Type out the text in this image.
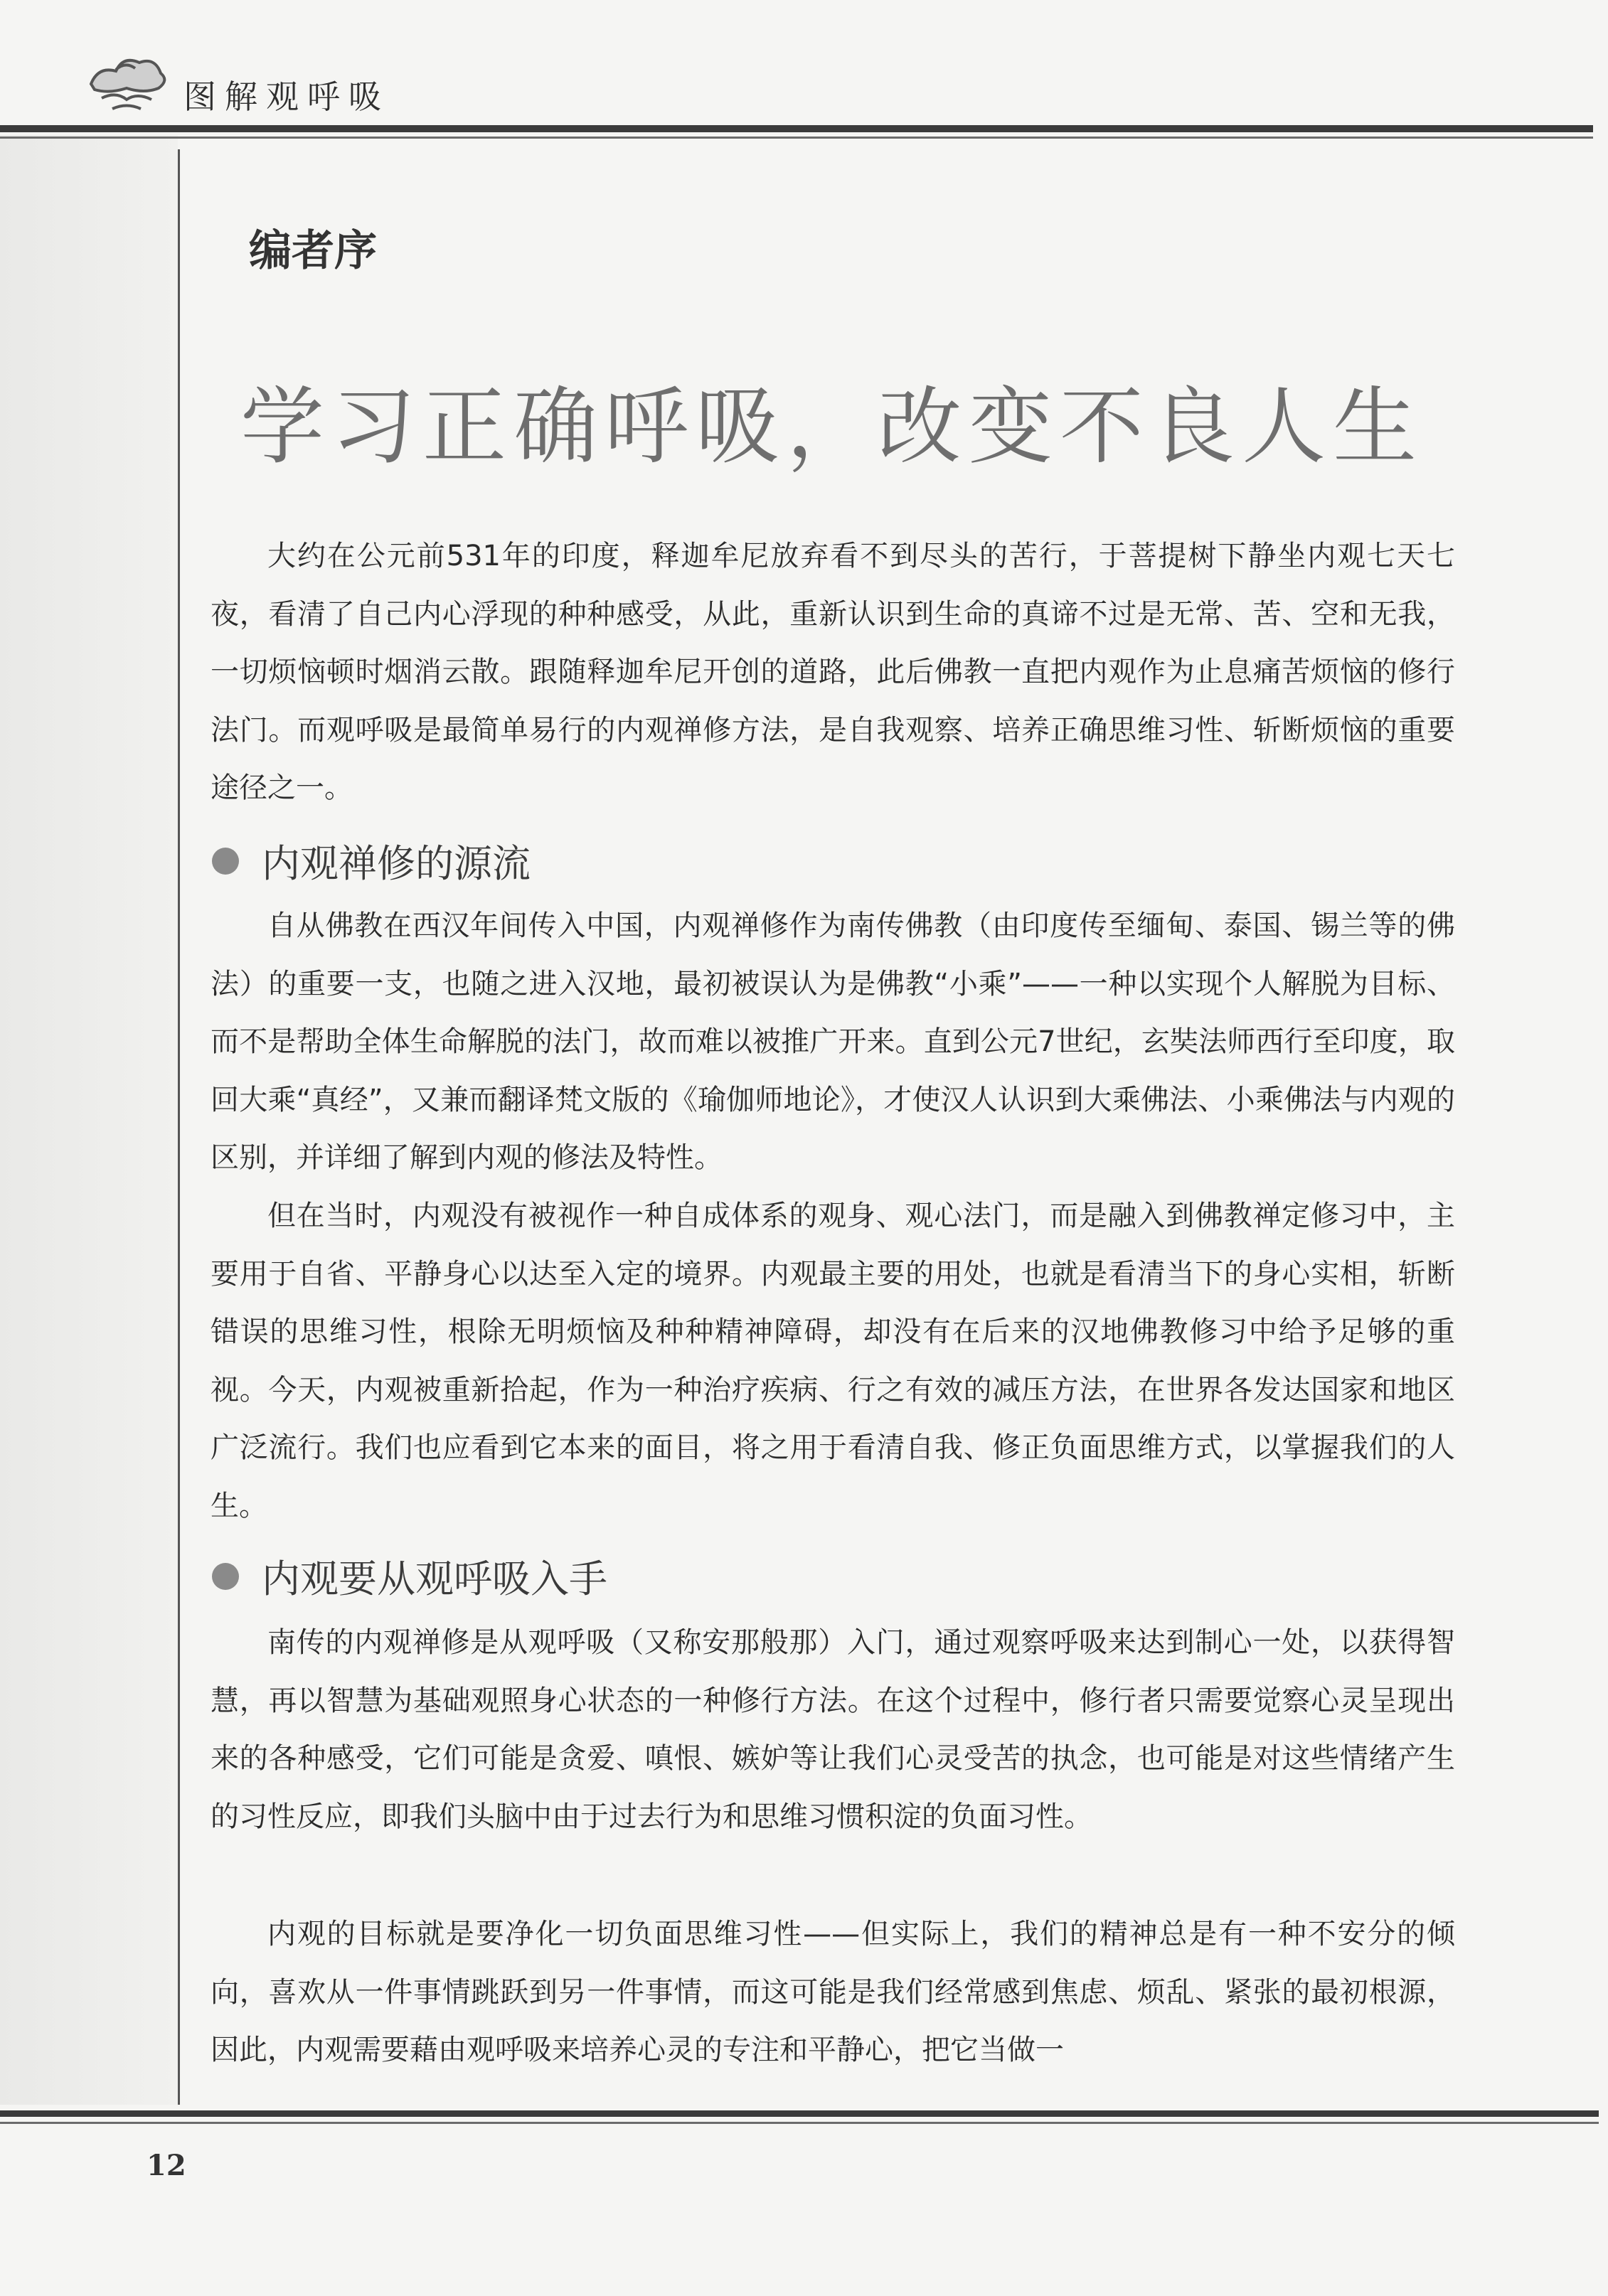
图解观呼吸
编者序
学习正确呼吸，改变不良人生

大约在公元前531年的印度，释迦牟尼放弃看不到尽头的苦行，于菩提树下静坐内观七天七夜，看清了自己内心浮现的种种感受，从此，重新认识到生命的真谛不过是无常、苦、空和无我，一切烦恼顿时烟消云散。跟随释迦牟尼开创的道路，此后佛教一直把内观作为止息痛苦烦恼的修行法门。而观呼吸是最简单易行的内观禅修方法，是自我观察、培养正确思维习性、斩断烦恼的重要途径之一。

内观禅修的源流

自从佛教在西汉年间传入中国，内观禅修作为南传佛教（由印度传至缅甸、泰国、锡兰等的佛法）的重要一支，也随之进入汉地，最初被误认为是佛教“小乘”——一种以实现个人解脱为目标、而不是帮助全体生命解脱的法门，故而难以被推广开来。直到公元7世纪，玄奘法师西行至印度，取回大乘“真经”，又兼而翻译梵文版的《瑜伽师地论》，才使汉人认识到大乘佛法、小乘佛法与内观的区别，并详细了解到内观的修法及特性。

但在当时，内观没有被视作一种自成体系的观身、观心法门，而是融入到佛教禅定修习中，主要用于自省、平静身心以达至入定的境界。内观最主要的用处，也就是看清当下的身心实相，斩断错误的思维习性，根除无明烦恼及种种精神障碍，却没有在后来的汉地佛教修习中给予足够的重视。今天，内观被重新拾起，作为一种治疗疾病、行之有效的减压方法，在世界各发达国家和地区广泛流行。我们也应看到它本来的面目，将之用于看清自我、修正负面思维方式，以掌握我们的人生。

内观要从观呼吸入手

南传的内观禅修是从观呼吸（又称安那般那）入门，通过观察呼吸来达到制心一处，以获得智慧，再以智慧为基础观照身心状态的一种修行方法。在这个过程中，修行者只需要觉察心灵呈现出来的各种感受，它们可能是贪爱、嗔恨、嫉妒等让我们心灵受苦的执念，也可能是对这些情绪产生的习性反应，即我们头脑中由于过去行为和思维习惯积淀的负面习性。

内观的目标就是要净化一切负面思维习性——但实际上，我们的精神总是有一种不安分的倾向，喜欢从一件事情跳跃到另一件事情，而这可能是我们经常感到焦虑、烦乱、紧张的最初根源，因此，内观需要藉由观呼吸来培养心灵的专注和平静心，把它当做一

12
